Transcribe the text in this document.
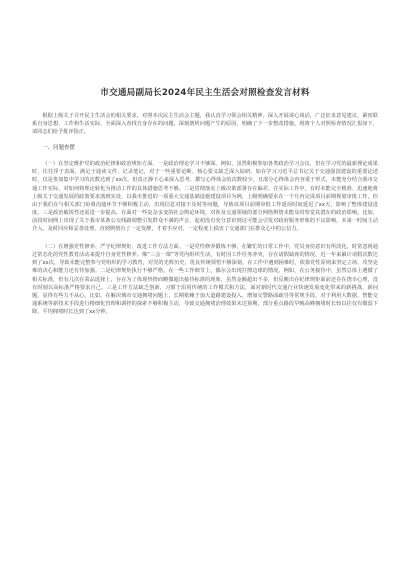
市交通局副局长2024年民主生活会对照检查发言材料

根据上级关于召开民主生活会的相关要求，对照本次民主生活会主题，我认真学习领会相关精神，深入开展谈心谈话，广泛征求意见建议，紧密联系自身思想、工作和生活实际，全面深入查找自身存在的问题，深刻剖析问题产生的原因，明确了下一步整改措施。现将个人对照检查情况汇报如下，请同志们给予批评指正。

一、问题查摆

（一）在坚定维护党的政治纪律和政治规矩方面。一是政治理论学习不够深。例如，虽然积极参加各类政治学习会议，但在学习党的最新理论成果时，往往浮于表面，满足于通读文件、记录笔记，对于一些重要论断、核心要义缺乏深入钻研。如在学习习近平总书记关于交通强国建设的重要论述时，仅是参加集中学习的次数达到了xx次，但真正静下心来深入思考、撰写心得体会的次数较少，且部分心得体会内容重于形式，未能充分结合我市交通工作实际，对如何将理论转化为推动工作的具体措施思考不够。二是贯彻落实上级决策部署存在偏差。在实际工作中，有时未能完全精准、迅速地将上级关于交通发展的政策要求落到实处，以我市推进的一项重大交通基础设施建设项目为例，上级明确要求在一个月内完成项目前期规划审批工作，但由于我们在与相关部门协调沟通环节不够积极主动，出现信息对接不及时等问题，导致该项目前期审批工作延误时间延迟了xx天，影响了整体建设进度。三是政治敏锐性还需进一步提高。在面对一些复杂多变的社会舆论环境，对涉及交通领域的部分网络舆情未能及时察觉其潜在的政治影响。比如，前段时间网上出现了关于我市某条公交线路调整引发群众不满的声音，起初没有充分意识到这可能会引发对政府服务形象的不良影响，未第一时间主动介入，及时回应和妥善处理，直到舆情有了一定发酵，才着手应对，一定程度上损害了交通部门在群众心中的公信力。

（二）在增强党性修养、严守纪律规矩、改进工作方法方面。一是党性修养锻炼不够，在繁忙的日常工作中，党员身份意识有所淡化，时常忽视通过常态化的党性教育活动来提升自身党性修养。像“三会一课”等党内组织生活，有时因工作任务冲突，存在请假缺席的情况，近一年来累计请假次数达到了xx次，导致未能完整参与党组织的学习教育，对党的光辉历史、优良传统领悟不够深刻，在工作中遇到困难时，依靠党性原则来坚定立场、攻坚克难的决心和能力还有待加强。二是纪律规矩执行不够严格，在一些工作细节上，偶尔会出现打擦边球的情况。例如，在公务接待中，虽然总体上遵循了相关标准，但有几次在菜品选择上，存在为了体现热情而略微超出接待标准的现象，虽然金额超出不多，但反映出在纪律规矩面前还存在侥幸心理，没有时刻以高标准严格要求自己。三是工作方法缺乏创新，习惯于沿用传统的工作模式和方法，面对新时代交通行业快速发展变化带来的新挑战、新问题，显得有些力不从心。比如，在解决城市交通拥堵问题上，长期依赖于加大道路建设投入、增加交警路面疏导等常规手段，对于利用大数据、智能交通系统等新技术手段进行精细化管理和调控的探索不够积极主动，导致交通拥堵治理效果未达预期，部分重点路段早晚高峰拥堵时长较以往仅有微弱下降，平均拥堵时长达到了xx分钟。
